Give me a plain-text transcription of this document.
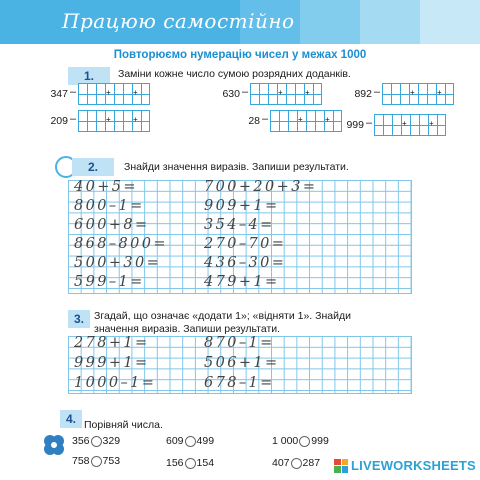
Працюю самостійно
Повторюємо нумерацію чисел у межах 1000
1.	Заміни кожне число сумою розрядних доданків.
347 –	630 –	892 –
209 –	28 –	999 –
2.	Знайди значення виразів. Запиши результати.
40+5=
800–1=
600+8=
868–800=
500+30=
599–1=
700+20+3=
909+1=
354–4=
270–70=
436–30=
479+1=
3. Згадай, що означає «додати 1»; «відняти 1». Знайди
значення виразів. Запиши результати.
278+1=
999+1=
1000–1=
870–1=
506+1=
678–1=
4. Порівняй числа.
356 329	609 499	1 000 999
758 753	156 154	407 287 LIVEWORKSHEETS
+	+	+	+	+	+
+	+	+	+	+	+
